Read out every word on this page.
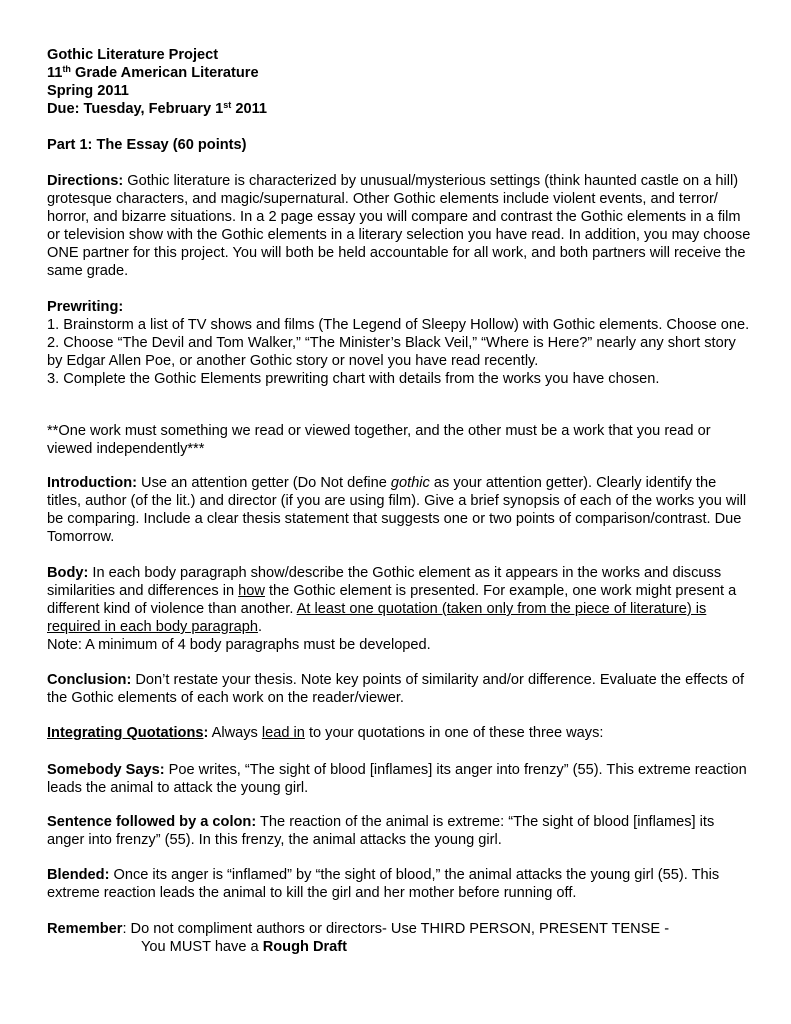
Gothic Literature Project
11th Grade American Literature
Spring 2011
Due: Tuesday, February 1st 2011
Part 1: The Essay (60 points)
Directions: Gothic literature is characterized by unusual/mysterious settings (think haunted castle on a hill) grotesque characters, and magic/supernatural. Other Gothic elements include violent events, and terror/ horror, and bizarre situations. In a 2 page essay you will compare and contrast the Gothic elements in a film or television show with the Gothic elements in a literary selection you have read. In addition, you may choose ONE partner for this project. You will both be held accountable for all work, and both partners will receive the same grade.
Prewriting:
1. Brainstorm a list of TV shows and films (The Legend of Sleepy Hollow) with Gothic elements. Choose one.
2. Choose “The Devil and Tom Walker,” “The Minister’s Black Veil,” “Where is Here?” nearly any short story by Edgar Allen Poe, or another Gothic story or novel you have read recently.
3. Complete the Gothic Elements prewriting chart with details from the works you have chosen.
**One work must something we read or viewed together, and the other must be a work that you read or viewed independently***
Introduction: Use an attention getter (Do Not define gothic as your attention getter). Clearly identify the titles, author (of the lit.) and director (if you are using film). Give a brief synopsis of each of the works you will be comparing. Include a clear thesis statement that suggests one or two points of comparison/contrast. Due Tomorrow.
Body: In each body paragraph show/describe the Gothic element as it appears in the works and discuss similarities and differences in how the Gothic element is presented. For example, one work might present a different kind of violence than another. At least one quotation (taken only from the piece of literature) is required in each body paragraph.
Note: A minimum of 4 body paragraphs must be developed.
Conclusion: Don’t restate your thesis. Note key points of similarity and/or difference. Evaluate the effects of the Gothic elements of each work on the reader/viewer.
Integrating Quotations: Always lead in to your quotations in one of these three ways:
Somebody Says: Poe writes, “The sight of blood [inflames] its anger into frenzy” (55). This extreme reaction leads the animal to attack the young girl.
Sentence followed by a colon: The reaction of the animal is extreme: “The sight of blood [inflames] its anger into frenzy” (55). In this frenzy, the animal attacks the young girl.
Blended: Once its anger is “inflamed” by “the sight of blood,” the animal attacks the young girl (55). This extreme reaction leads the animal to kill the girl and her mother before running off.
Remember: Do not compliment authors or directors- Use THIRD PERSON, PRESENT TENSE -
You MUST have a Rough Draft
